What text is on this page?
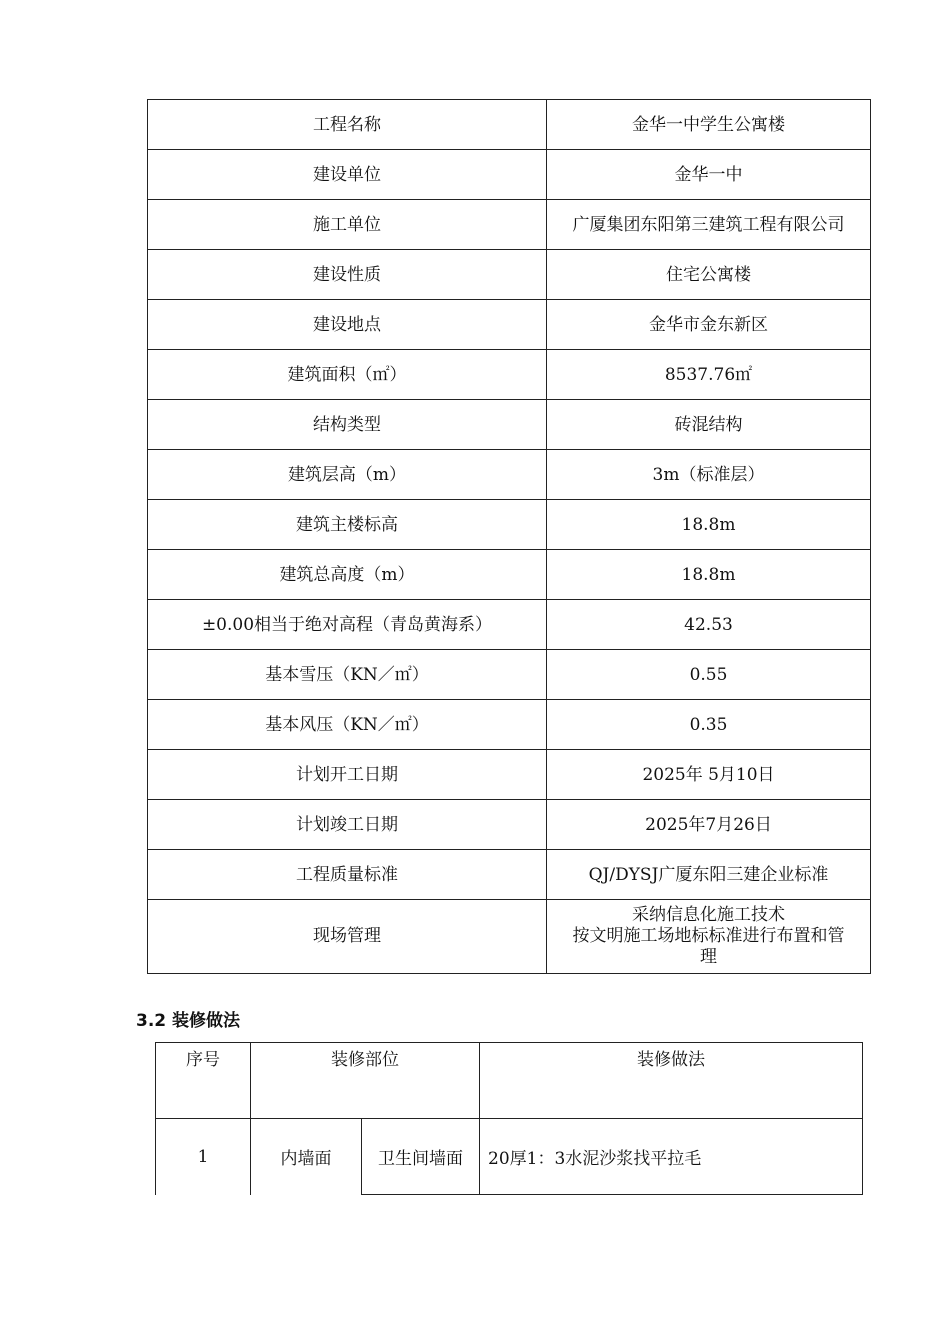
工程名称	金华一中学生公寓楼
建设单位	金华一中
施工单位	广厦集团东阳第三建筑工程有限公司
建设性质	住宅公寓楼
建设地点	金华市金东新区
建筑面积（㎡）	8537.76㎡
结构类型	砖混结构
建筑层高（m）	3m（标准层）
建筑主楼标高	18.8m
建筑总高度（m）	18.8m
±0.00相当于绝对高程（青岛黄海系）	42.53
基本雪压（KN／㎡）	0.55
基本风压（KN／㎡）	0.35
计划开工日期	2025年 5月10日
计划竣工日期	2025年7月26日
工程质量标准	QJ/DYSJ广厦东阳三建企业标准
现场管理	采纳信息化施工技术
按文明施工场地标标准进行布置和管
理
3.2 装修做法
序号	装修部位		装修做法
1	内墙面	卫生间墙面	20厚1：3水泥沙浆找平拉毛
